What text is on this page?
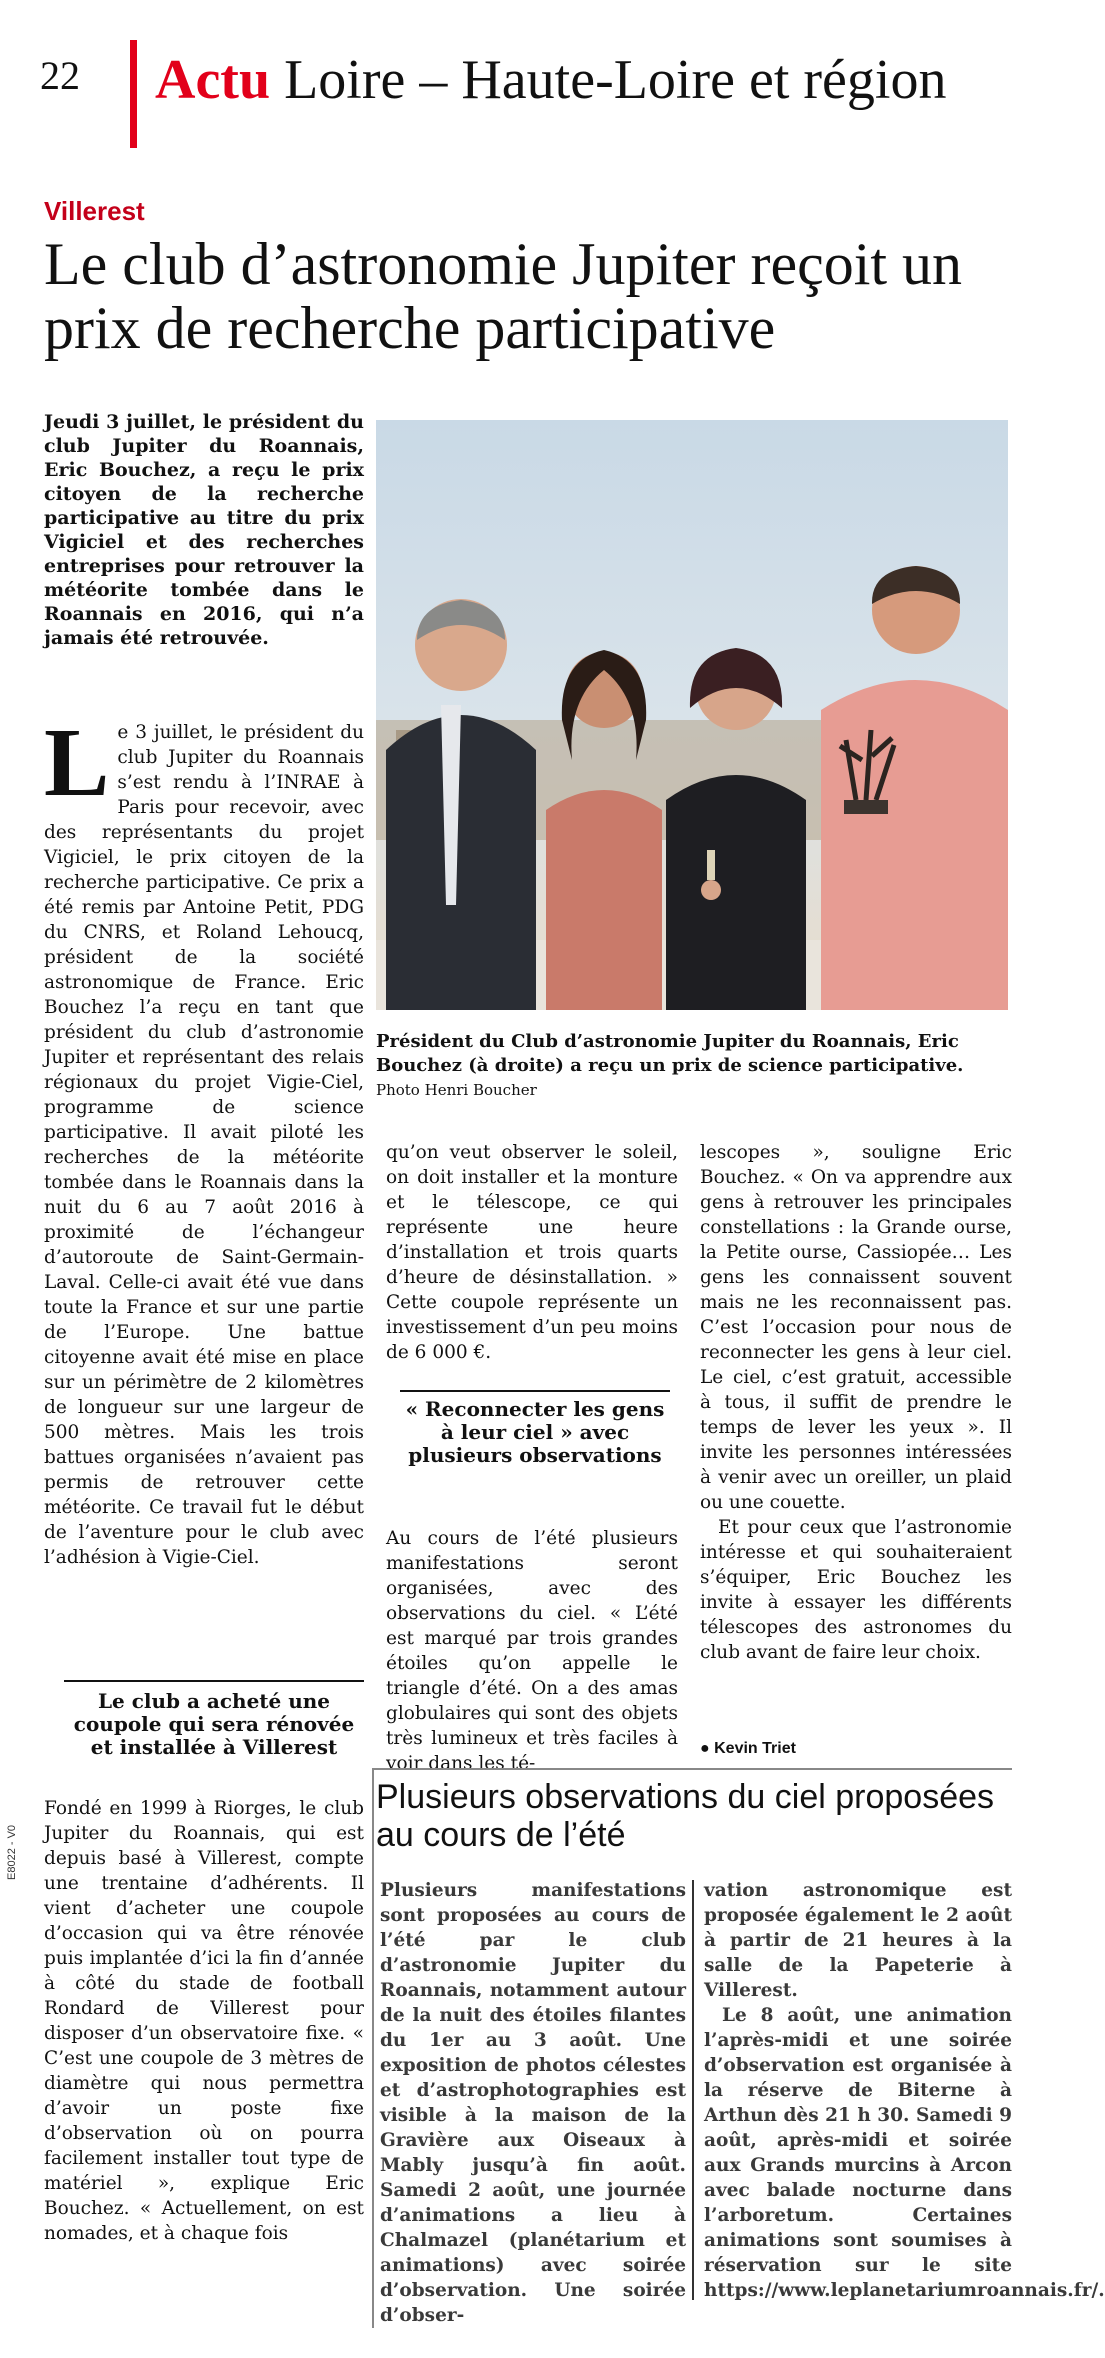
22 Actu Loire – Haute-Loire et région
Villerest
Le club d’astronomie Jupiter reçoit un prix de recherche participative

Jeudi 3 juillet, le président du club Jupiter du Roannais, Eric Bouchez, a reçu le prix citoyen de la recherche participative au titre du prix Vigiciel et des recherches entreprises pour retrouver la météorite tombée dans le Roannais en 2016, qui n’a jamais été retrouvée.

L e 3 juillet, le président du club Jupiter du Roannais s’est rendu à l’INRAE à Paris pour recevoir, avec des représentants du projet Vigiciel, le prix citoyen de la recherche participative. Ce prix a été remis par Antoine Petit, PDG du CNRS, et Roland Lehoucq, président de la société astronomique de France. Eric Bouchez l’a reçu en tant que président du club d’astronomie Jupiter et représentant des relais régionaux du projet Vigie-Ciel, programme de science participative. Il avait piloté les recherches de la météorite tombée dans le Roannais dans la nuit du 6 au 7 août 2016 à proximité de l’échangeur d’autoroute de Saint-Germain-Laval. Celle-ci avait été vue dans toute la France et sur une partie de l’Europe. Une battue citoyenne avait été mise en place sur un périmètre de 2 kilomètres de longueur sur une largeur de 500 mètres. Mais les trois battues organisées n’avaient pas permis de retrouver cette météorite. Ce travail fut le début de l’aventure pour le club avec l’adhésion à Vigie-Ciel.

Le club a acheté une coupole qui sera rénovée et installée à Villerest

Fondé en 1999 à Riorges, le club Jupiter du Roannais, qui est depuis basé à Villerest, compte une trentaine d’adhérents. Il vient d’acheter une coupole d’occasion qui va être rénovée puis implantée d’ici la fin d’année à côté du stade de football Rondard de Villerest pour disposer d’un observatoire fixe. « C’est une coupole de 3 mètres de diamètre qui nous permettra d’avoir un poste fixe d’observation où on pourra facilement installer tout type de matériel », explique Eric Bouchez. « Actuellement, on est nomades, et à chaque fois

Président du Club d’astronomie Jupiter du Roannais, Eric Bouchez (à droite) a reçu un prix de science participative. Photo Henri Boucher

qu’on veut observer le soleil, on doit installer et la monture et le télescope, ce qui représente une heure d’installation et trois quarts d’heure de désinstallation. » Cette coupole représente un investissement d’un peu moins de 6 000 €.

« Reconnecter les gens à leur ciel » avec plusieurs observations

Au cours de l’été plusieurs manifestations seront organisées, avec des observations du ciel. « L’été est marqué par trois grandes étoiles qu’on appelle le triangle d’été. On a des amas globulaires qui sont des objets très lumineux et très faciles à voir dans les té-

lescopes », souligne Eric Bouchez. « On va apprendre aux gens à retrouver les principales constellations : la Grande ourse, la Petite ourse, Cassiopée… Les gens les connaissent souvent mais ne les reconnaissent pas. C’est l’occasion pour nous de reconnecter les gens à leur ciel. Le ciel, c’est gratuit, accessible à tous, il suffit de prendre le temps de lever les yeux ». Il invite les personnes intéressées à venir avec un oreiller, un plaid ou une couette.

Et pour ceux que l’astronomie intéresse et qui souhaiteraient s’équiper, Eric Bouchez les invite à essayer les différents télescopes des astronomes du club avant de faire leur choix.

● Kevin Triet
Plusieurs observations du ciel proposées au cours de l’été

Plusieurs manifestations sont proposées au cours de l’été par le club d’astronomie Jupiter du Roannais, notamment autour de la nuit des étoiles filantes du 1er au 3 août. Une exposition de photos célestes et d’astrophotographies est visible à la maison de la Gravière aux Oiseaux à Mably jusqu’à fin août. Samedi 2 août, une journée d’animations a lieu à Chalmazel (planétarium et animations) avec soirée d’observation. Une soirée d’obser-

vation astronomique est proposée également le 2 août à partir de 21 heures à la salle de la Papeterie à Villerest.

Le 8 août, une animation l’après-midi et une soirée d’observation est organisée à la réserve de Biterne à Arthun dès 21 h 30. Samedi 9 août, après-midi et soirée aux Grands murcins à Arcon avec balade nocturne dans l’arboretum. Certaines animations sont soumises à réservation sur le site https://www.leplanetariumroannais.fr/.

E8022 - V0
